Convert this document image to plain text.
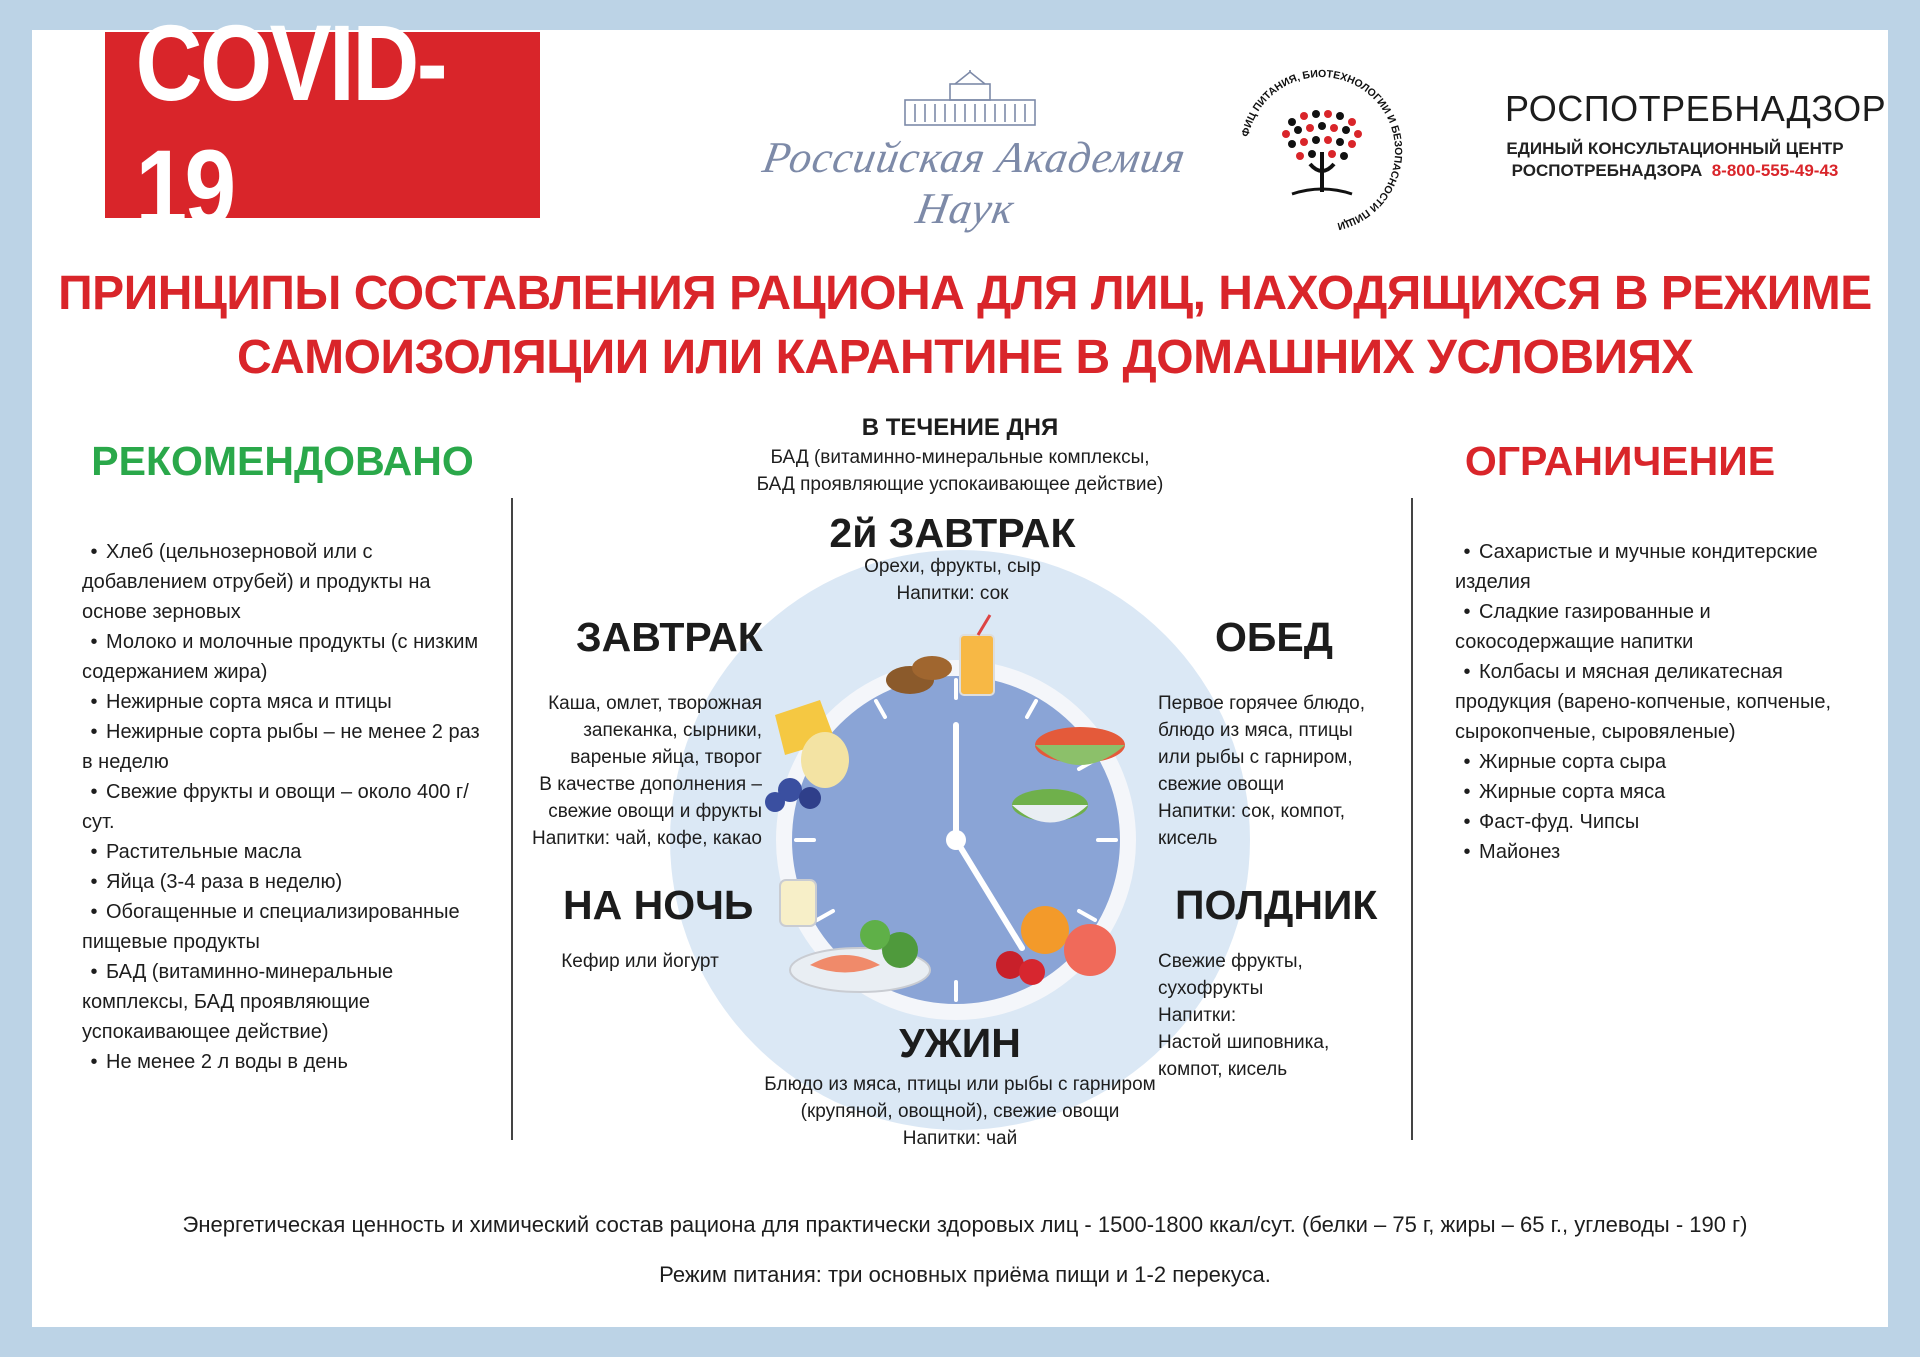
COVID-19	Российская Академия Наук
ФИЦ ПИТАНИЯ, БИОТЕХНОЛОГИИ И БЕЗОПАСНОСТИ ПИЩИ
РОСПОТРЕБНАДЗОР
ЕДИНЫЙ КОНСУЛЬТАЦИОННЫЙ ЦЕНТР
РОСПОТРЕБНАДЗОРА 8-800-555-49-43
ПРИНЦИПЫ СОСТАВЛЕНИЯ РАЦИОНА ДЛЯ ЛИЦ, НАХОДЯЩИХСЯ В РЕЖИМЕ
САМОИЗОЛЯЦИИ ИЛИ КАРАНТИНЕ В ДОМАШНИХ УСЛОВИЯХ
РЕКОМЕНДОВАНО	ОГРАНИЧЕНИЕ
• Хлеб (цельнозерновой или с добавлением отрубей) и продукты на основе зерновых
• Молоко и молочные продукты (с низким содержанием жира)
• Нежирные сорта мяса и птицы
• Нежирные сорта рыбы – не менее 2 раз в неделю
• Свежие фрукты и овощи – около 400 г/сут.
• Растительные масла
• Яйца (3-4 раза в неделю)
• Обогащенные и специализированные пищевые продукты
• БАД (витаминно-минеральные комплексы, БАД проявляющие успокаивающее действие)
• Не менее 2 л воды в день
• Сахаристые и мучные кондитерские изделия
• Сладкие газированные и сокосодержащие напитки
• Колбасы и мясная деликатесная продукция (варено-копченые, копченые, сырокопченые, сыровяленые)
• Жирные сорта сыра
• Жирные сорта мяса
• Фаст-фуд. Чипсы
• Майонез
В ТЕЧЕНИЕ ДНЯ
БАД (витаминно-минеральные комплексы,
БАД проявляющие успокаивающее действие)
2й ЗАВТРАК
Орехи, фрукты, сыр
Напитки: сок
ЗАВТРАК
Каша, омлет, творожная
запеканка, сырники,
вареные яйца, творог
В качестве дополнения –
свежие овощи и фрукты
Напитки: чай, кофе, какао
ОБЕД
Первое горячее блюдо,
блюдо из мяса, птицы
или рыбы с гарниром,
свежие овощи
Напитки: сок, компот,
кисель
НА НОЧЬ
Кефир или йогурт
ПОЛДНИК
Свежие фрукты,
сухофрукты
Напитки:
Настой шиповника,
компот, кисель
УЖИН
Блюдо из мяса, птицы или рыбы с гарниром
(крупяной, овощной), свежие овощи
Напитки: чай
Энергетическая ценность и химический состав рациона для практически здоровых лиц - 1500-1800 ккал/сут. (белки – 75 г, жиры – 65 г., углеводы - 190 г)
Режим питания: три основных приёма пищи и 1-2 перекуса.
